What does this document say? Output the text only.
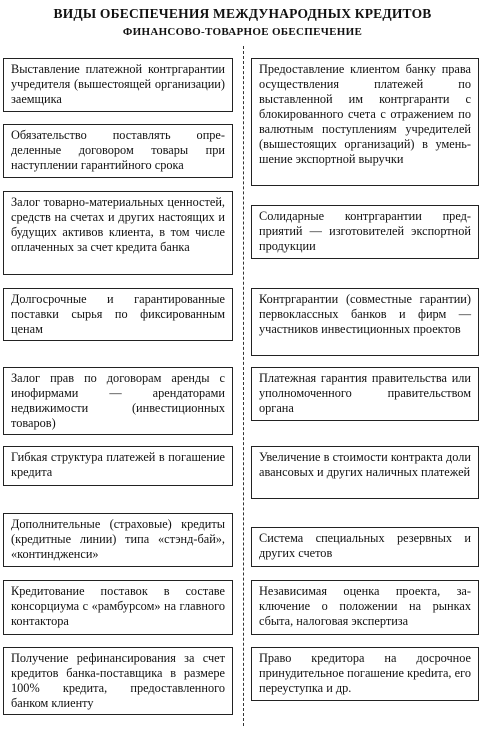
ВИДЫ ОБЕСПЕЧЕНИЯ МЕЖДУНАРОДНЫХ КРЕДИТОВ
ФИНАНСОВО-ТОВАРНОЕ ОБЕСПЕЧЕНИЕ
Выставление платежной контргарантии учредителя (вышестоящей организации) заемщика
Обязательство поставлять определенные договором товары при наступлении гарантийного срока
Залог товарно-материальных ценностей, средств на счетах и других настоящих и будущих активов клиента, в том числе оплаченных за счет кредита банка
Долгосрочные и гарантированные поставки сырья по фиксированным ценам
Залог прав по договорам аренды с инофирмами — арендаторами недвижимости (инвестиционных товаров)
Гибкая структура платежей в погашение кредита
Дополнительные (страховые) кредиты (кредитные линии) типа «стэнд-бай», «континдженси»
Кредитование поставок в составе консорциума с «рамбурсом» на главного контактора
Получение рефинансирования за счет кредитов банка-поставщика в размере 100% кредита, предоставленного банком клиенту
Предоставление клиентом банку права осуществления платежей по выставленной им контргаранти с блокированного счета с отражением по валютным поступлениям учредителей (вышестоящих организаций) в уменьшение экспортной выручки
Солидарные контргарантии предприятий — изготовителей экспортной продукции
Контргарантии (совместные гарантии) первоклассных банков и фирм — участников инвестиционных проектов
Платежная гарантия правительства или уполномоченного правительством органа
Увеличение в стоимости контракта доли авансовых и других наличных платежей
Система специальных резервных и других счетов
Независимая оценка проекта, заключение о положении на рынках сбыта, налоговая экспертиза
Право кредитора на досрочное принудительное погашение креdита, его переуступка и др.
